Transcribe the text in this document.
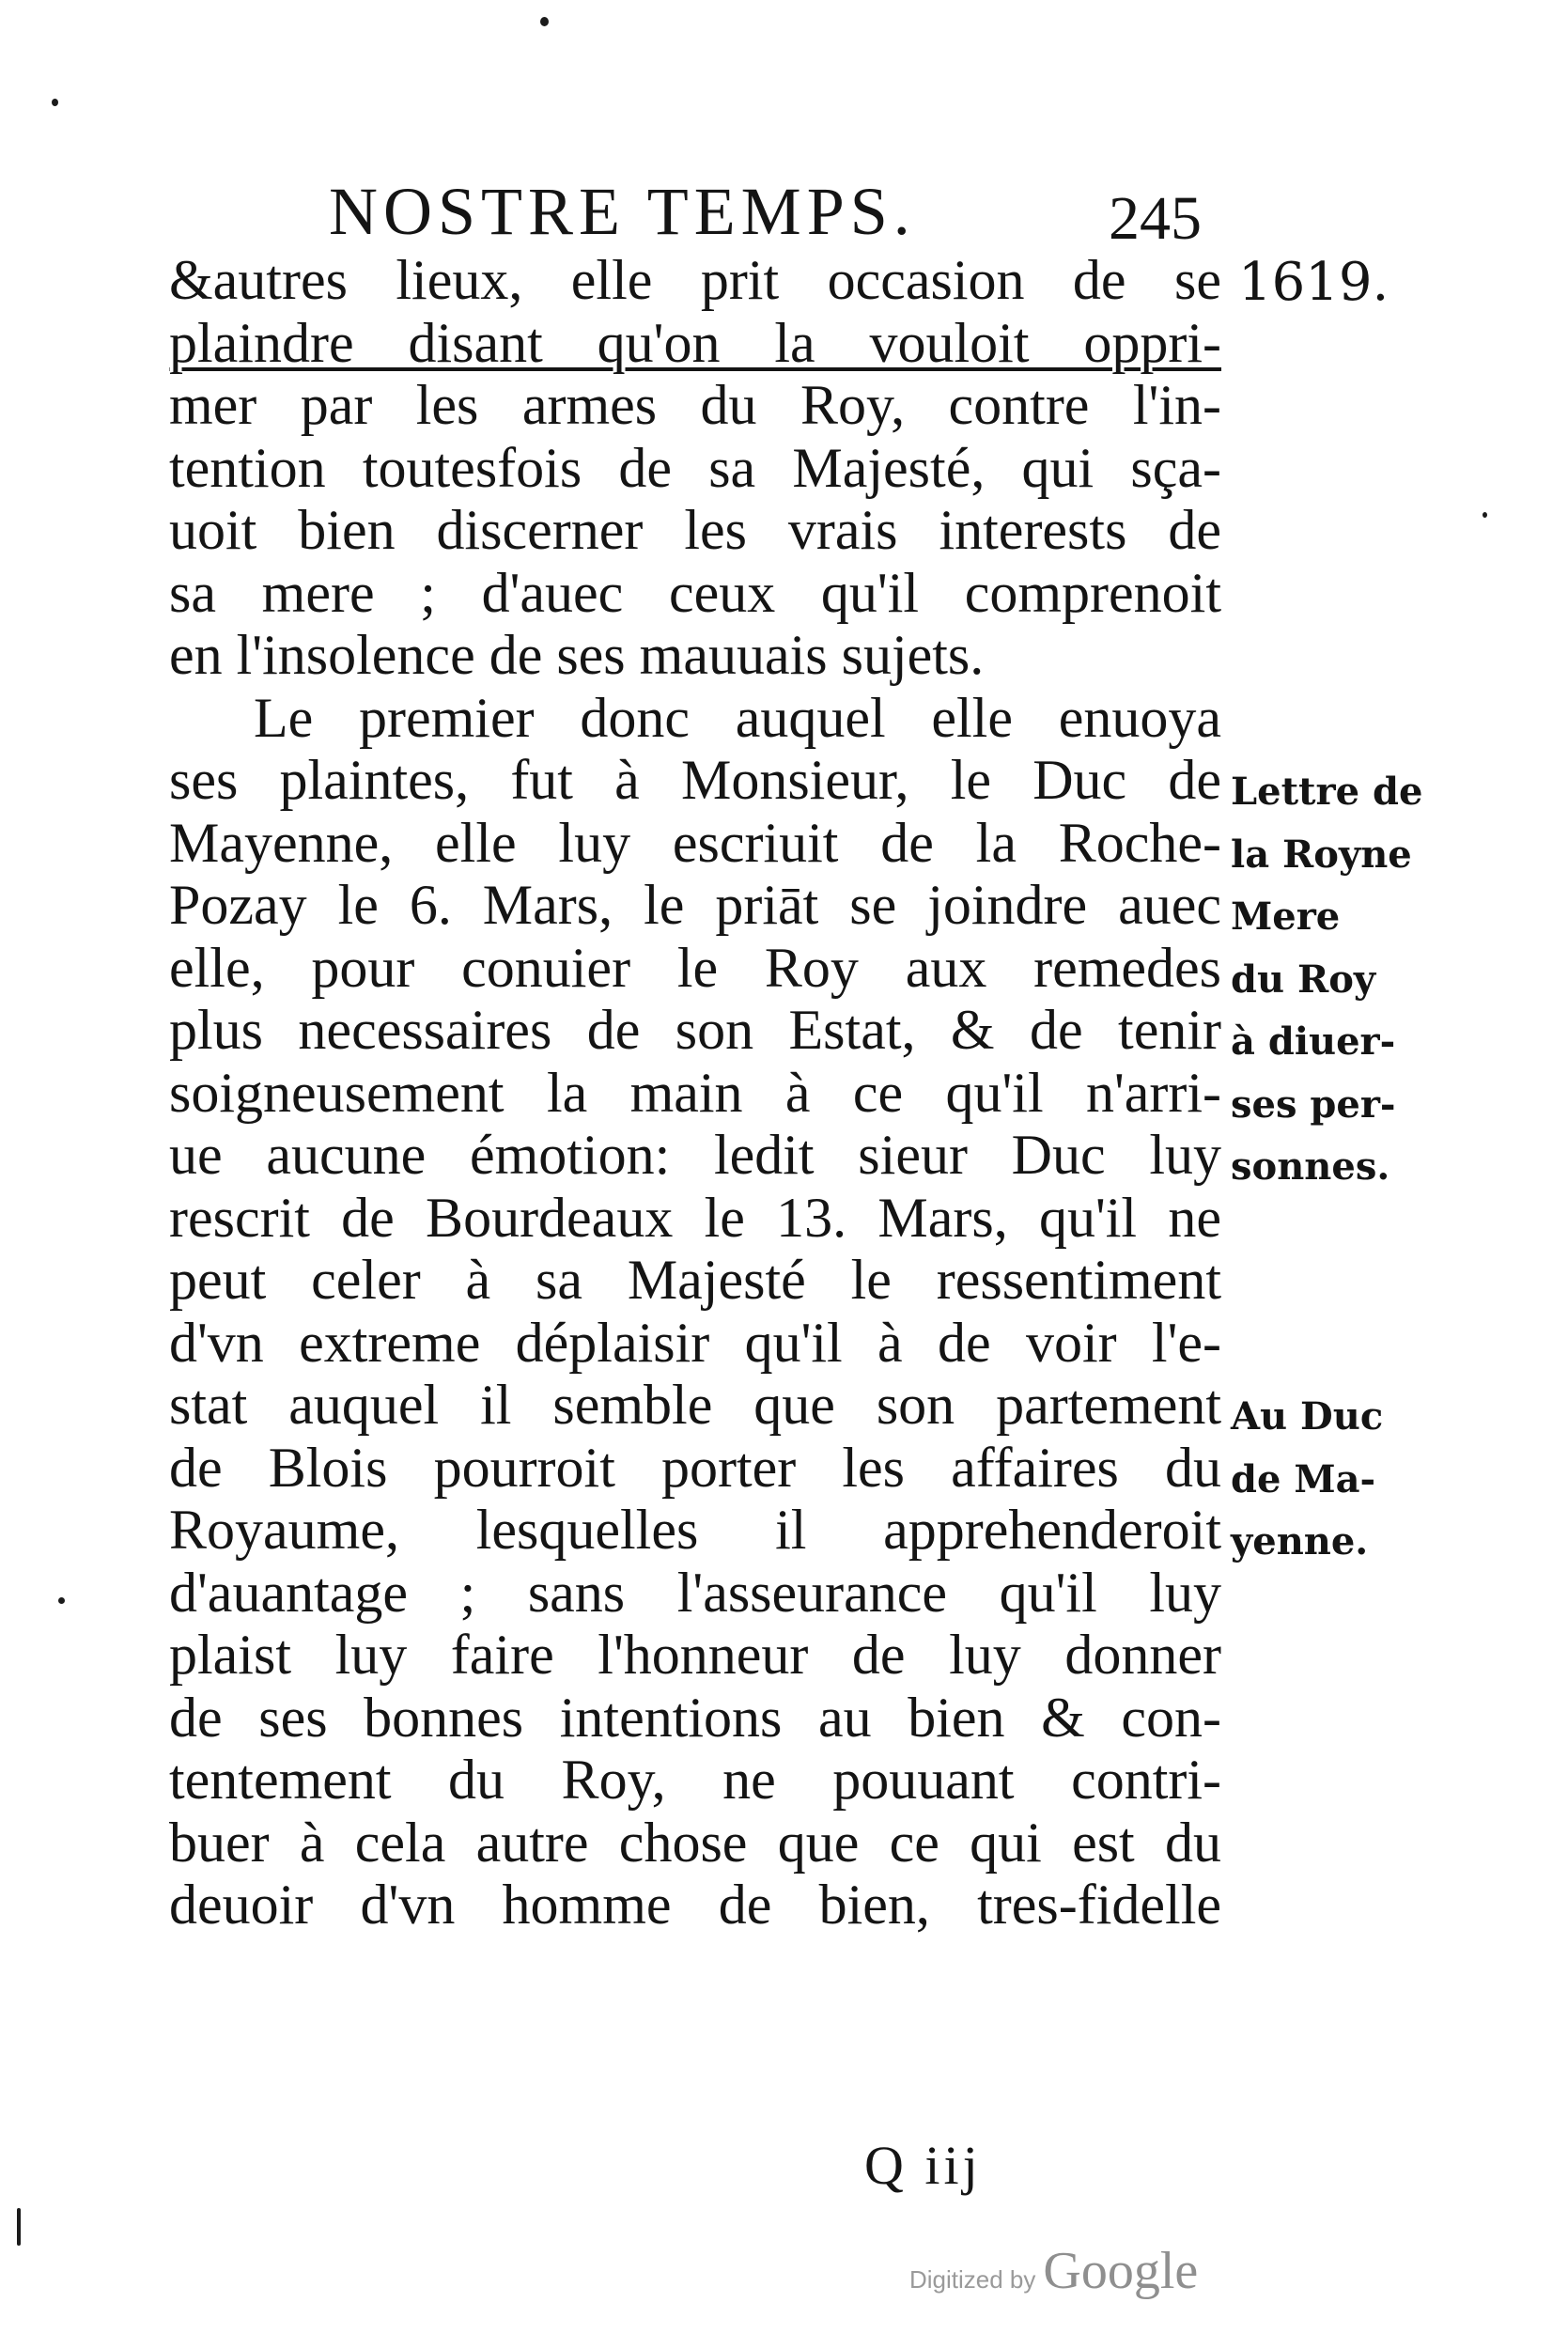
NOSTRE TEMPS.	245
1619.
&autres lieux, elle prit occasion de se
plaindre disant qu'on la vouloit oppri-
mer par les armes du Roy, contre l'in-
tention toutesfois de sa Majesté, qui sça-
uoit bien discerner les vrais interests de
sa mere ; d'auec ceux qu'il comprenoit
en l'insolence de ses mauuais sujets.
Le premier donc auquel elle enuoya
ses plaintes, fut à Monsieur, le Duc de
Mayenne, elle luy escriuit de la Roche-
Pozay le 6. Mars, le priāt se joindre auec
elle, pour conuier le Roy aux remedes
plus necessaires de son Estat, & de tenir
soigneusement la main à ce qu'il n'arri-
ue aucune émotion: ledit sieur Duc luy
rescrit de Bourdeaux le 13. Mars, qu'il ne
peut celer à sa Majesté le ressentiment
d'vn extreme déplaisir qu'il à de voir l'e-
stat auquel il semble que son partement
de Blois pourroit porter les affaires du
Royaume, lesquelles il apprehenderoit
d'auantage ; sans l'asseurance qu'il luy
plaist luy faire l'honneur de luy donner
de ses bonnes intentions au bien & con-
tentement du Roy, ne pouuant contri-
buer à cela autre chose que ce qui est du
deuoir d'vn homme de bien, tres-fidelle
Lettre de
la Royne
Mere
du Roy
à diuer-
ses per-
sonnes.
Au Duc
de Ma-
yenne.
Q iij
Digitized by Google
